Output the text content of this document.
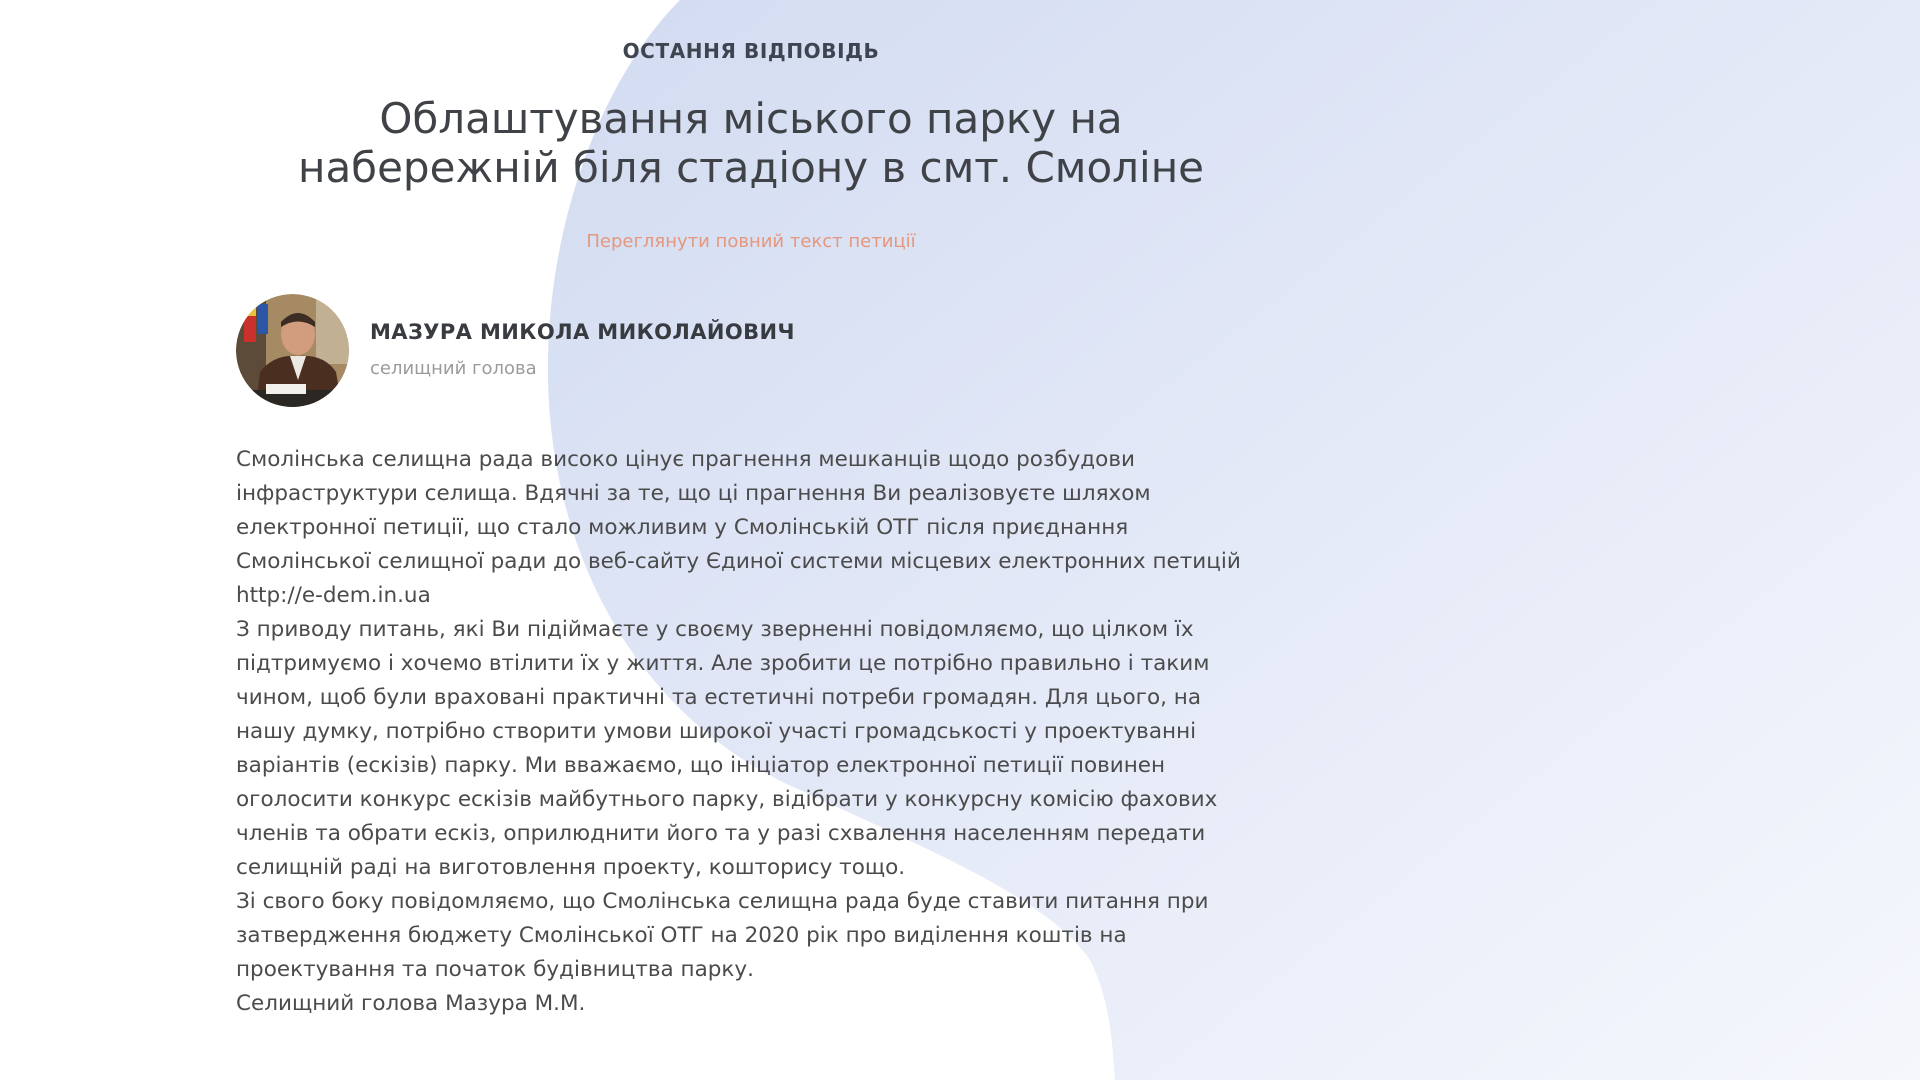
ОСТАННЯ ВІДПОВІДЬ
Облаштування міського парку на
набережній біля стадіону в смт. Смоліне
Переглянути повний текст петиції
МАЗУРА МИКОЛА МИКОЛАЙОВИЧ
селищний голова
Смолінська селищна рада високо цінує прагнення мешканців щодо розбудови
інфраструктури селища. Вдячні за те, що ці прагнення Ви реалізовуєте шляхом
електронної петиції, що стало можливим у Смолінській ОТГ після приєднання
Смолінської селищної ради до веб-сайту Єдиної системи місцевих електронних петицій
http://e-dem.in.ua
З приводу питань, які Ви підіймаєте у своєму зверненні повідомляємо, що цілком їх
підтримуємо і хочемо втілити їх у життя. Але зробити це потрібно правильно і таким
чином, щоб були враховані практичні та естетичні потреби громадян. Для цього, на
нашу думку, потрібно створити умови широкої участі громадськості у проектуванні
варіантів (ескізів) парку. Ми вважаємо, що ініціатор електронної петиції повинен
оголосити конкурс ескізів майбутнього парку, відібрати у конкурсну комісію фахових
членів та обрати ескіз, оприлюднити його та у разі схвалення населенням передати
селищній раді на виготовлення проекту, кошторису тощо.
Зі свого боку повідомляємо, що Смолінська селищна рада буде ставити питання при
затвердження бюджету Смолінської ОТГ на 2020 рік про виділення коштів на
проектування та початок будівництва парку.
Селищний голова Мазура М.М.
